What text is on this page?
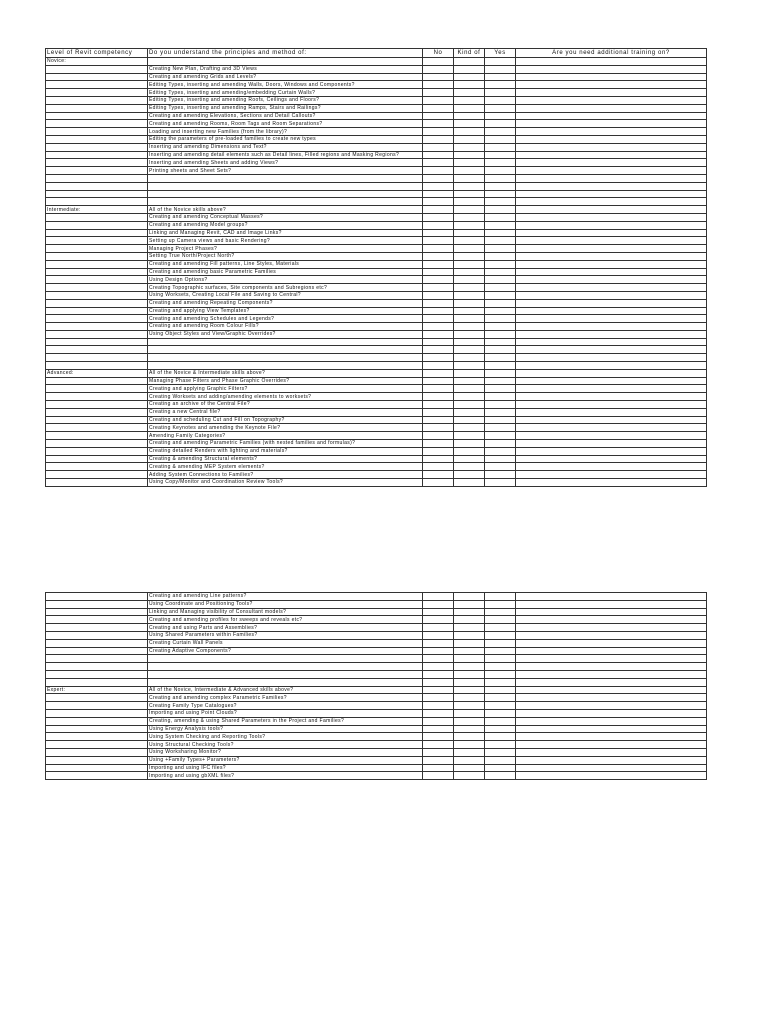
Level of Revit competency	Do you understand the principles and method of:	No	Kind of	Yes	Are you need additional training on?
Novice:					
	Creating New Plan, Drafting and 3D Views				
	Creating and amending Grids and Levels?				
	Editing Types, inserting and amending Walls, Doors, Windows and Components?				
	Editing Types, inserting and amending/embedding Curtain Walls?				
	Editing Types, inserting and amending Roofs, Ceilings and Floors?				
	Editing Types, inserting and amending Ramps, Stairs and Railings?				
	Creating and amending Elevations, Sections and Detail Callouts?				
	Creating and amending Rooms, Room Tags and Room Separations?				
	Loading and inserting new Families (from the library)?				
	Editing the parameters of pre-loaded families to create new types				
	Inserting and amending Dimensions and Text?				
	Inserting and amending detail elements such as Detail lines, Filled regions and Masking Regions?				
	Inserting and amending Sheets and adding Views?				
	Printing sheets and Sheet Sets?				

Intermediate:	All of the Novice skills above?				
	Creating and amending Conceptual Masses?				
	Creating and amending Model groups?				
	Linking and Managing Revit, CAD and Image Links?				
	Setting up Camera views and basic Rendering?				
	Managing Project Phases?				
	Setting True North/Project North?				
	Creating and amending Fill patterns, Line Styles, Materials				
	Creating and amending basic Parametric Families				
	Using Design Options?				
	Creating Topographic surfaces, Site components and Subregions etc?				
	Using Worksets, Creating Local File and Saving to Central?				
	Creating and amending Repeating Components?				
	Creating and applying View Templates?				
	Creating and amending Schedules and Legends?				
	Creating and amending Room Colour Fills?				
	Using Object Styles and View/Graphic Overrides?				

Advanced:	All of the Novice & Intermediate skills above?				
	Managing Phase Filters and Phase Graphic Overrides?				
	Creating and applying Graphic Filters?				
	Creating Worksets and adding/amending elements to worksets?				
	Creating an archive of the Central File?				
	Creating a new Central file?				
	Creating and scheduling Cut and Fill on Topography?				
	Creating Keynotes and amending the Keynote File?				
	Amending Family Categories?				
	Creating and amending Parametric Families (with nested families and formulas)?				
	Creating detailed Renders with lighting and materials?				
	Creating & amending Structural elements?				
	Creating & amending MEP System elements?				
	Adding System Connections to Families?				
	Using Copy/Monitor and Coordination Review Tools?				
	Creating and amending Line patterns?				
	Using Coordinate and Positioning Tools?				
	Linking and Managing visibility of Consultant models?				
	Creating and amending profiles for sweeps and reveals etc?				
	Creating and using Parts and Assemblies?				
	Using Shared Parameters within Families?				
	Creating Curtain Wall Panels				
	Creating Adaptive Components?				

Expert:	All of the Novice, Intermediate & Advanced skills above?				
	Creating and amending complex Parametric Families?				
	Creating Family Type Catalogues?				
	Importing and using Point Clouds?				
	Creating, amending & using Shared Parameters in the Project and Families?				
	Using Energy Analysis tools?				
	Using System Checking and Reporting Tools?				
	Using Structural Checking Tools?				
	Using Worksharing Monitor?				
	Using +Family Types+ Parameters?				
	Importing and using IFC files?				
	Importing and using gbXML files?				
